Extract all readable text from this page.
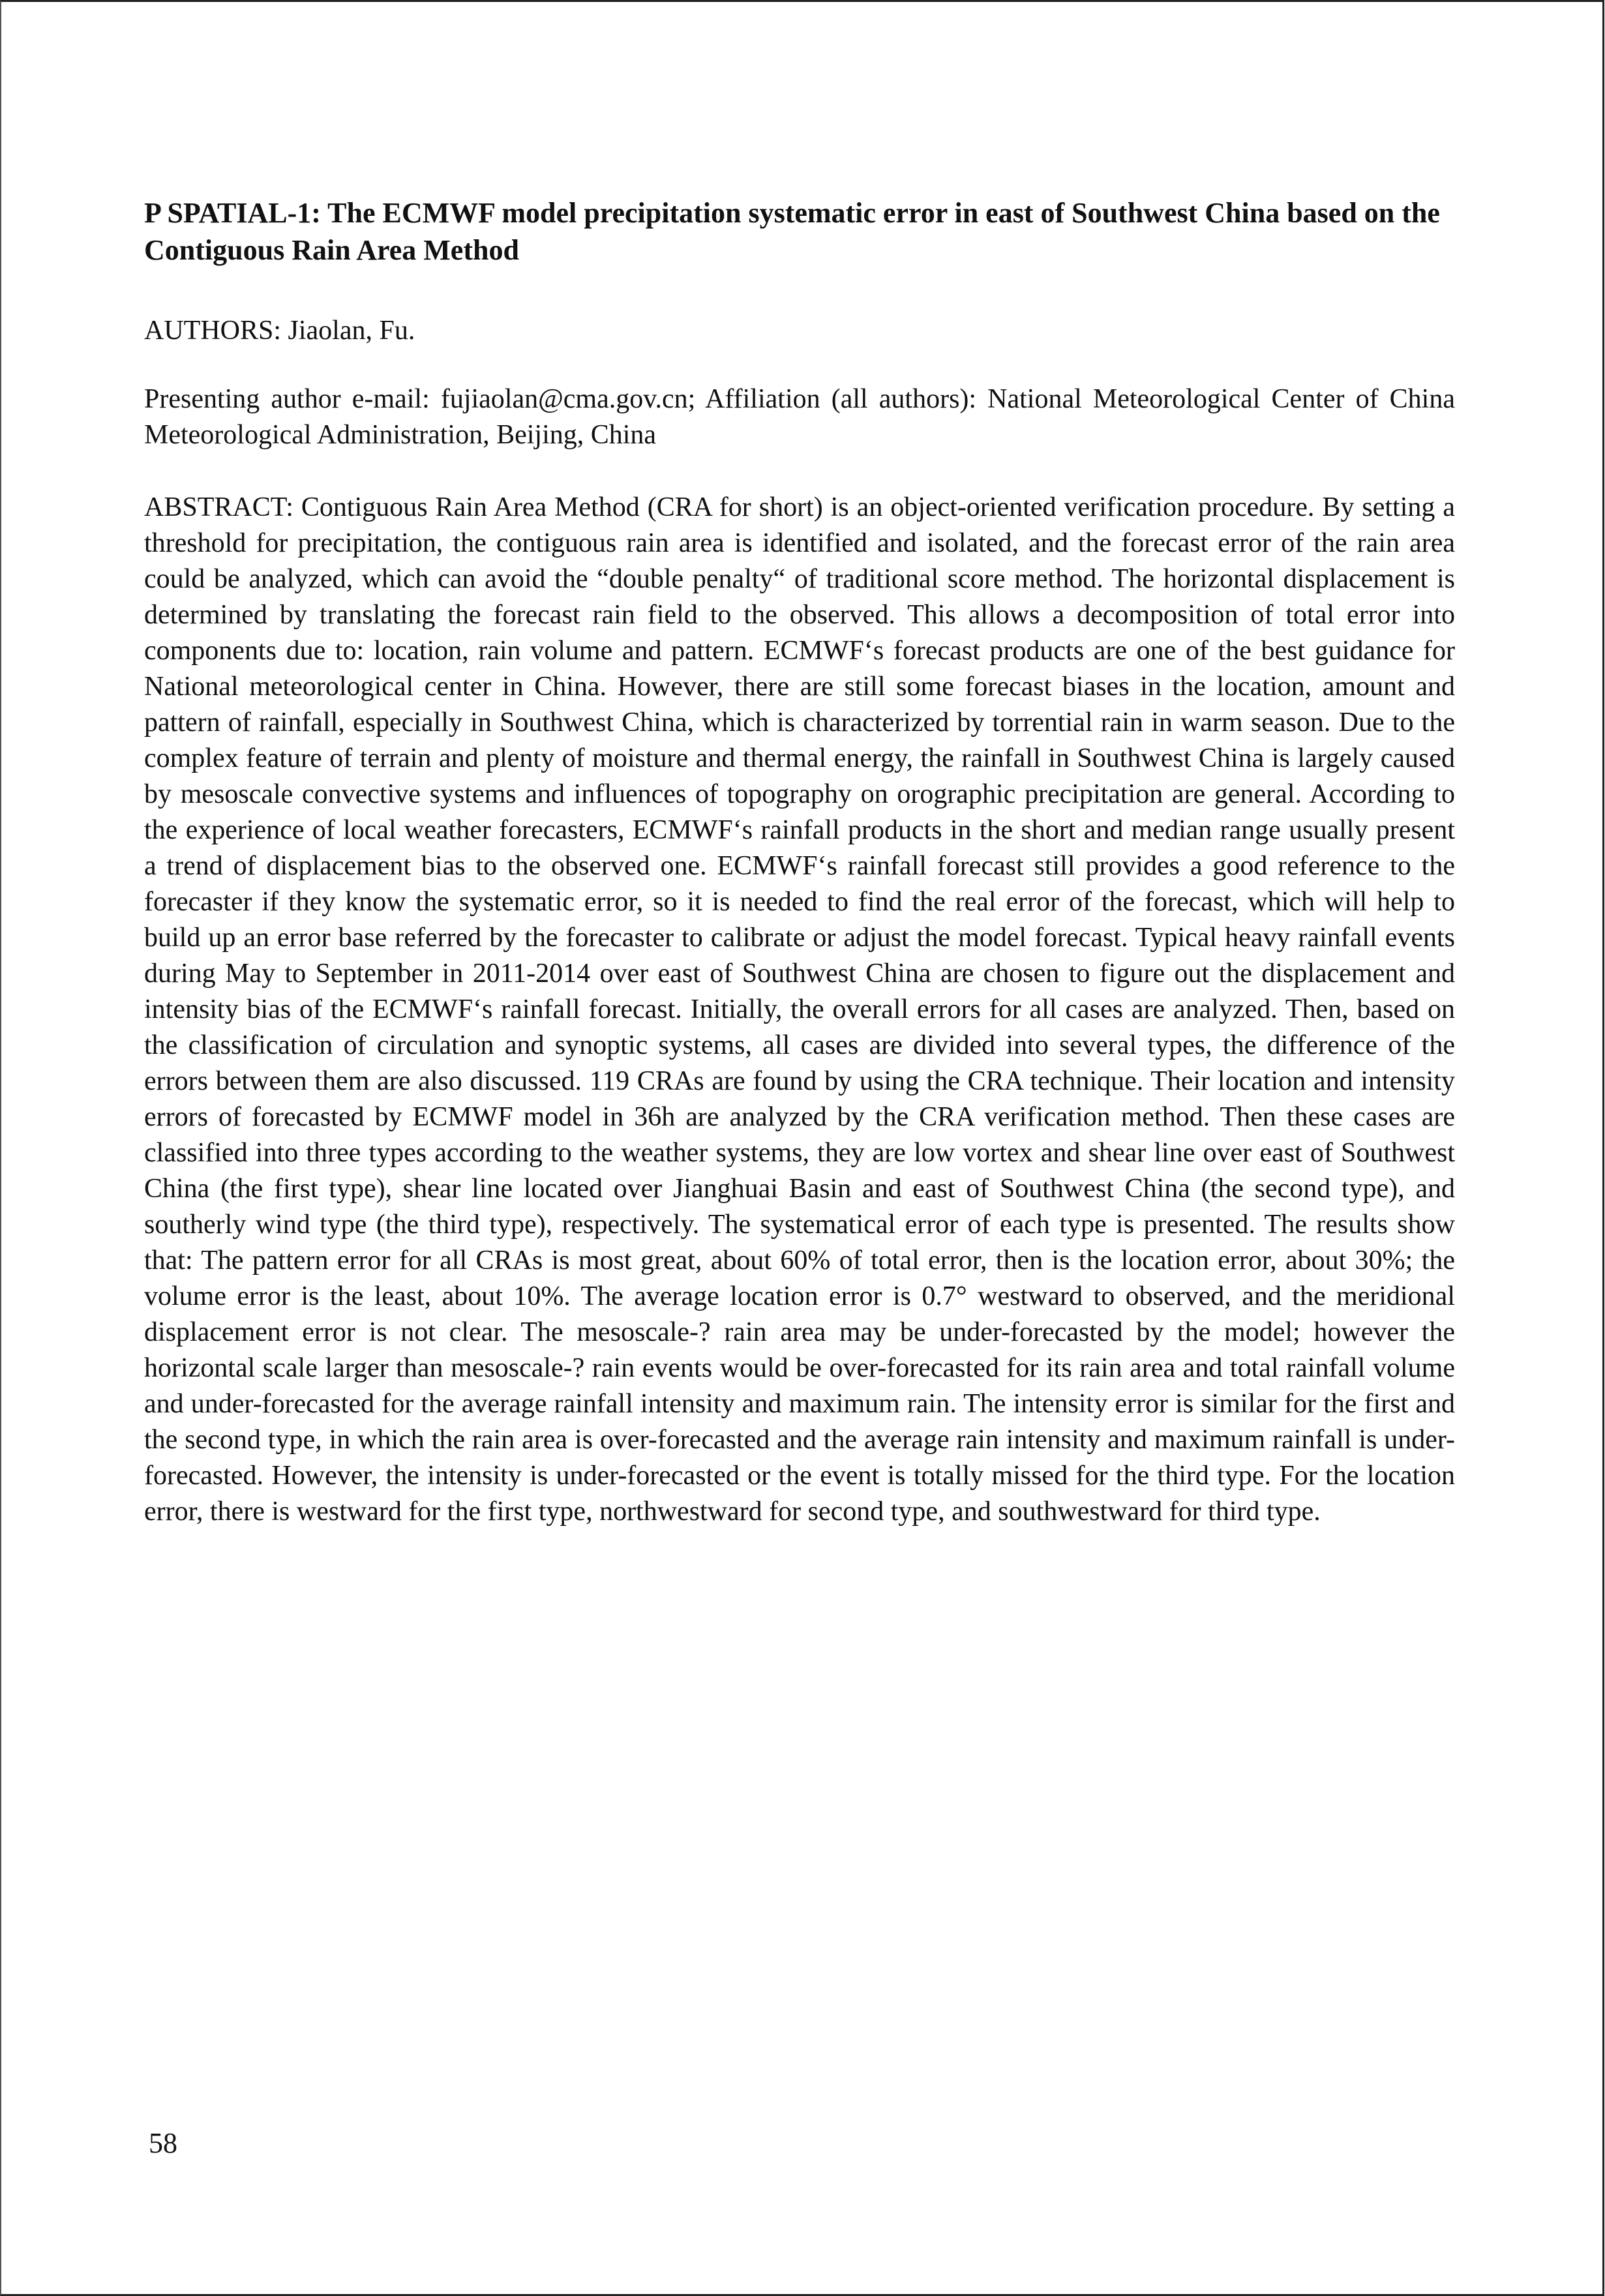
P SPATIAL-1: The ECMWF model precipitation systematic error in east of Southwest China based on the Contiguous Rain Area Method

AUTHORS: Jiaolan, Fu.

Presenting author e-mail: fujiaolan@cma.gov.cn; Affiliation (all authors): National Meteorological Center of China Meteorological Administration, Beijing, China

ABSTRACT: Contiguous Rain Area Method (CRA for short) is an object-oriented verification procedure. By setting a threshold for precipitation, the contiguous rain area is identified and isolated, and the forecast error of the rain area could be analyzed, which can avoid the “double penalty“ of traditional score method. The horizontal displacement is determined by translating the forecast rain field to the observed. This allows a decomposition of total error into components due to: location, rain volume and pattern. ECMWF‘s forecast products are one of the best guidance for National meteorological center in China. However, there are still some forecast biases in the location, amount and pattern of rainfall, especially in Southwest China, which is characterized by torrential rain in warm season. Due to the complex feature of terrain and plenty of moisture and thermal energy, the rainfall in Southwest China is largely caused by mesoscale convective systems and influences of topography on orographic precipitation are general. According to the experience of local weather forecasters, ECMWF‘s rainfall products in the short and median range usually present a trend of displacement bias to the observed one. ECMWF‘s rainfall forecast still provides a good reference to the forecaster if they know the systematic error, so it is needed to find the real error of the forecast, which will help to build up an error base referred by the forecaster to calibrate or adjust the model forecast. Typical heavy rainfall events during May to September in 2011-2014 over east of Southwest China are chosen to figure out the displacement and intensity bias of the ECMWF‘s rainfall forecast. Initially, the overall errors for all cases are analyzed. Then, based on the classification of circulation and synoptic systems, all cases are divided into several types, the difference of the errors between them are also discussed. 119 CRAs are found by using the CRA technique. Their location and intensity errors of forecasted by ECMWF model in 36h are analyzed by the CRA verification method. Then these cases are classified into three types according to the weather systems, they are low vortex and shear line over east of Southwest China (the first type), shear line located over Jianghuai Basin and east of Southwest China (the second type), and southerly wind type (the third type), respectively. The systematical error of each type is presented. The results show that: The pattern error for all CRAs is most great, about 60% of total error, then is the location error, about 30%; the volume error is the least, about 10%. The average location error is 0.7° westward to observed, and the meridional displacement error is not clear. The mesoscale-? rain area may be under-forecasted by the model; however the horizontal scale larger than mesoscale-? rain events would be over-forecasted for its rain area and total rainfall volume and under-forecasted for the average rainfall intensity and maximum rain. The intensity error is similar for the first and the second type, in which the rain area is over-forecasted and the average rain intensity and maximum rainfall is under-forecasted. However, the intensity is under-forecasted or the event is totally missed for the third type. For the location error, there is westward for the first type, northwestward for second type, and southwestward for third type.

58
